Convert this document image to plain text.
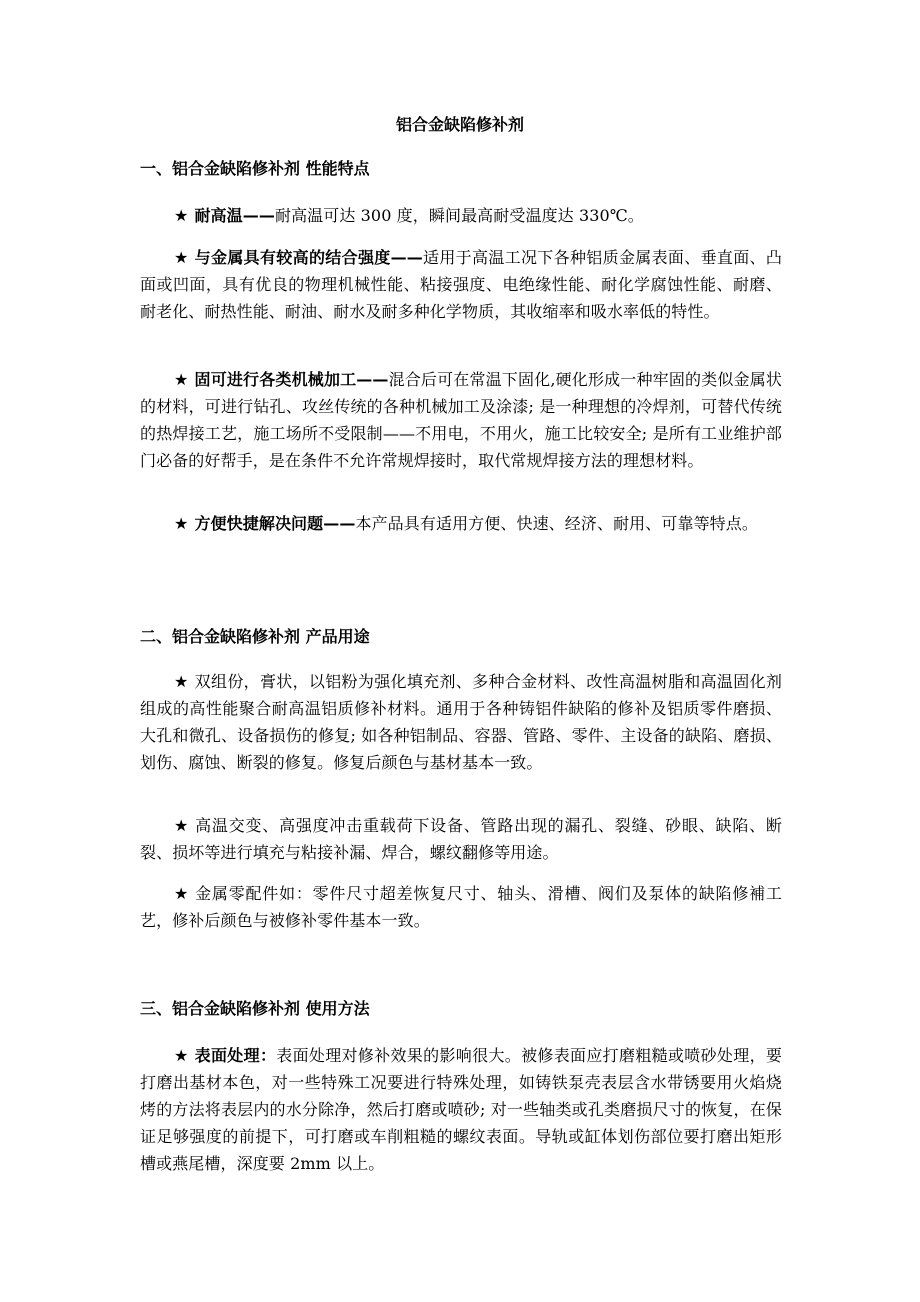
铝合金缺陷修补剂
一、铝合金缺陷修补剂 性能特点
★ 耐高温——耐高温可达 300 度，瞬间最高耐受温度达 330℃。
★ 与金属具有较高的结合强度——适用于高温工况下各种铝质金属表面、垂直面、凸面或凹面，具有优良的物理机械性能、粘接强度、电绝缘性能、耐化学腐蚀性能、耐磨、耐老化、耐热性能、耐油、耐水及耐多种化学物质，其收缩率和吸水率低的特性。
★ 固可进行各类机械加工——混合后可在常温下固化,硬化形成一种牢固的类似金属状的材料，可进行钻孔、攻丝传统的各种机械加工及涂漆; 是一种理想的冷焊剂，可替代传统的热焊接工艺，施工场所不受限制——不用电，不用火，施工比较安全; 是所有工业维护部门必备的好帮手，是在条件不允许常规焊接时，取代常规焊接方法的理想材料。
★ 方便快捷解决问题——本产品具有适用方便、快速、经济、耐用、可靠等特点。
二、铝合金缺陷修补剂 产品用途
★ 双组份，膏状，以铝粉为强化填充剂、多种合金材料、改性高温树脂和高温固化剂组成的高性能聚合耐高温铝质修补材料。通用于各种铸铝件缺陷的修补及铝质零件磨损、大孔和微孔、设备损伤的修复; 如各种铝制品、容器、管路、零件、主设备的缺陷、磨损、划伤、腐蚀、断裂的修复。修复后颜色与基材基本一致。
★ 高温交变、高强度冲击重载荷下设备、管路出现的漏孔、裂缝、砂眼、缺陷、断裂、损坏等进行填充与粘接补漏、焊合，螺纹翻修等用途。
★ 金属零配件如：零件尺寸超差恢复尺寸、轴头、滑槽、阀们及泵体的缺陷修補工艺，修补后颜色与被修补零件基本一致。
三、铝合金缺陷修补剂 使用方法
★ 表面处理：表面处理对修补效果的影响很大。被修表面应打磨粗糙或喷砂处理，要打磨出基材本色，对一些特殊工况要进行特殊处理，如铸铁泵壳表层含水带锈要用火焰烧烤的方法将表层内的水分除净，然后打磨或喷砂; 对一些轴类或孔类磨损尺寸的恢复，在保证足够强度的前提下，可打磨或车削粗糙的螺纹表面。导轨或缸体划伤部位要打磨出矩形槽或燕尾槽，深度要 2mm 以上。
